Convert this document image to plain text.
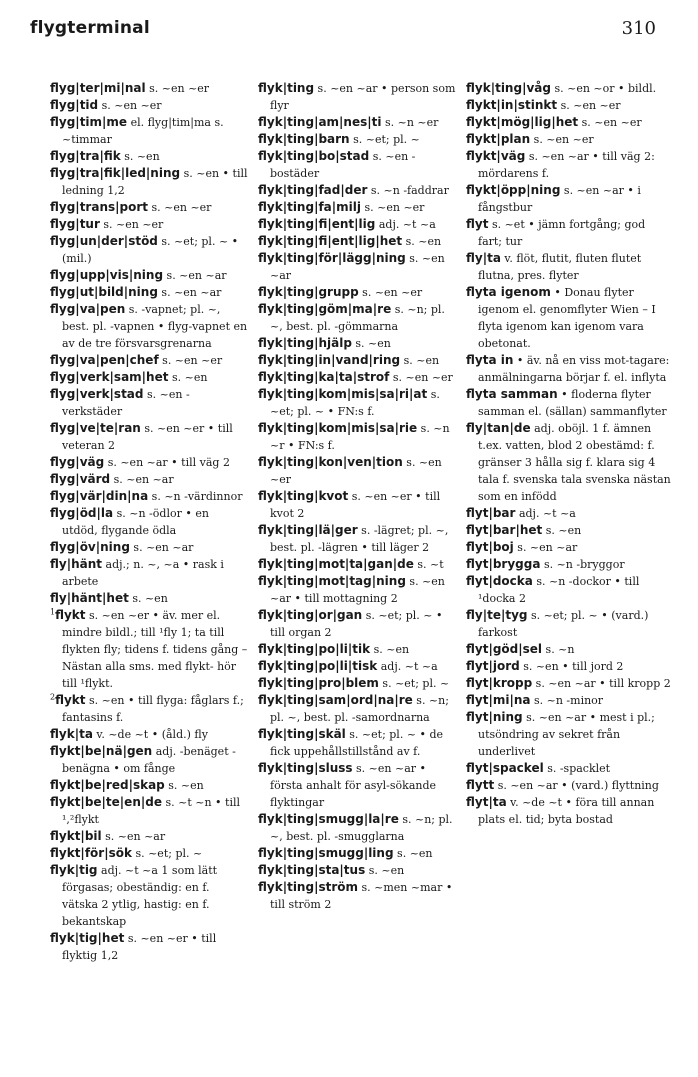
flygterminal	310

flyg|ter|mi|nal s. ~en ~er

flyg|tid s. ~en ~er

flyg|tim|me el. flyg|tim|ma s. ~timmar

flyg|tra|fik s. ~en

flyg|tra|fik|led|ning s. ~en • till ledning 1,2

flyg|trans|port s. ~en ~er

flyg|tur s. ~en ~er

flyg|un|der|stöd s. ~et; pl. ~ • (mil.)

flyg|upp|vis|ning s. ~en ~ar

flyg|ut|bild|ning s. ~en ~ar

flyg|va|pen s. -vapnet; pl. ~, best. pl. -vapnen • flyg-vapnet en av de tre försvarsgrenarna

flyg|va|pen|chef s. ~en ~er

flyg|verk|sam|het s. ~en

flyg|verk|stad s. ~en -verkstäder

flyg|ve|te|ran s. ~en ~er • till veteran 2

flyg|väg s. ~en ~ar • till väg 2

flyg|värd s. ~en ~ar

flyg|vär|din|na s. ~n -värdinnor

flyg|öd|la s. ~n -ödlor • en utdöd, flygande ödla

flyg|öv|ning s. ~en ~ar

fly|hänt adj.; n. ~, ~a • rask i arbete

fly|hänt|het s. ~en

$^1$flykt s. ~en ~er • äv. mer el. mindre bildl.; till ¹fly 1; ta till flykten fly; tidens f. tidens gång – Nästan alla sms. med flykt- hör till ¹flykt.

$^2$flykt s. ~en • till flyga: fåglars f.; fantasins f.

flyk|ta v. ~de ~t • (åld.) fly

flykt|be|nä|gen adj. -benäget -benägna • om fånge

flykt|be|red|skap s. ~en

flykt|be|te|en|de s. ~t ~n • till ¹,²flykt

flykt|bil s. ~en ~ar

flykt|för|sök s. ~et; pl. ~

flyk|tig adj. ~t ~a 1 som lätt förgasas; obeständig: en f. vätska 2 ytlig, hastig: en f. bekantskap

flyk|tig|het s. ~en ~er • till flyktig 1,2

flyk|ting s. ~en ~ar • person som flyr

flyk|ting|am|nes|ti s. ~n ~er

flyk|ting|barn s. ~et; pl. ~

flyk|ting|bo|stad s. ~en -bostäder

flyk|ting|fad|der s. ~n -faddrar

flyk|ting|fa|milj s. ~en ~er

flyk|ting|fi|ent|lig adj. ~t ~a

flyk|ting|fi|ent|lig|het s. ~en

flyk|ting|för|lägg|ning s. ~en ~ar

flyk|ting|grupp s. ~en ~er

flyk|ting|göm|ma|re s. ~n; pl. ~, best. pl. -gömmarna

flyk|ting|hjälp s. ~en

flyk|ting|in|vand|ring s. ~en

flyk|ting|ka|ta|strof s. ~en ~er

flyk|ting|kom|mis|sa|ri|at s. ~et; pl. ~ • FN:s f.

flyk|ting|kom|mis|sa|rie s. ~n ~r • FN:s f.

flyk|ting|kon|ven|tion s. ~en ~er

flyk|ting|kvot s. ~en ~er • till kvot 2

flyk|ting|lä|ger s. -lägret; pl. ~, best. pl. -lägren • till läger 2

flyk|ting|mot|ta|gan|de s. ~t

flyk|ting|mot|tag|ning s. ~en ~ar • till mottagning 2

flyk|ting|or|gan s. ~et; pl. ~ • till organ 2

flyk|ting|po|li|tik s. ~en

flyk|ting|po|li|tisk adj. ~t ~a

flyk|ting|pro|blem s. ~et; pl. ~

flyk|ting|sam|ord|na|re s. ~n; pl. ~, best. pl. -samordnarna

flyk|ting|skäl s. ~et; pl. ~ • de fick uppehållstillstånd av f.

flyk|ting|sluss s. ~en ~ar • första anhalt för asyl-sökande flyktingar

flyk|ting|smugg|la|re s. ~n; pl. ~, best. pl. -smugglarna

flyk|ting|smugg|ling s. ~en

flyk|ting|sta|tus s. ~en

flyk|ting|ström s. ~men ~mar • till ström 2

flyk|ting|våg s. ~en ~or • bildl.

flykt|in|stinkt s. ~en ~er

flykt|mög|lig|het s. ~en ~er

flykt|plan s. ~en ~er

flykt|väg s. ~en ~ar • till väg 2: mördarens f.

flykt|öpp|ning s. ~en ~ar • i fångstbur

flyt s. ~et • jämn fortgång; god fart; tur

fly|ta v. flöt, flutit, fluten flutet flutna, pres. flyter

flyta igenom • Donau flyter igenom el. genomflyter Wien – I flyta igenom kan igenom vara obetonat.

flyta in • äv. nå en viss mot-tagare: anmälningarna börjar f. el. inflyta

flyta samman • floderna flyter samman el. (sällan) sammanflyter

fly|tan|de adj. oböjl. 1 f. ämnen t.ex. vatten, blod 2 obestämd: f. gränser 3 hålla sig f. klara sig 4 tala f. svenska tala svenska nästan som en infödd

flyt|bar adj. ~t ~a

flyt|bar|het s. ~en

flyt|boj s. ~en ~ar

flyt|brygga s. ~n -bryggor

flyt|docka s. ~n -dockor • till ¹docka 2

fly|te|tyg s. ~et; pl. ~ • (vard.) farkost

flyt|göd|sel s. ~n

flyt|jord s. ~en • till jord 2

flyt|kropp s. ~en ~ar • till kropp 2

flyt|mi|na s. ~n -minor

flyt|ning s. ~en ~ar • mest i pl.; utsöndring av sekret från underlivet

flyt|spackel s. -spacklet

flytt s. ~en ~ar • (vard.) flyttning

flyt|ta v. ~de ~t • föra till annan plats el. tid; byta bostad
